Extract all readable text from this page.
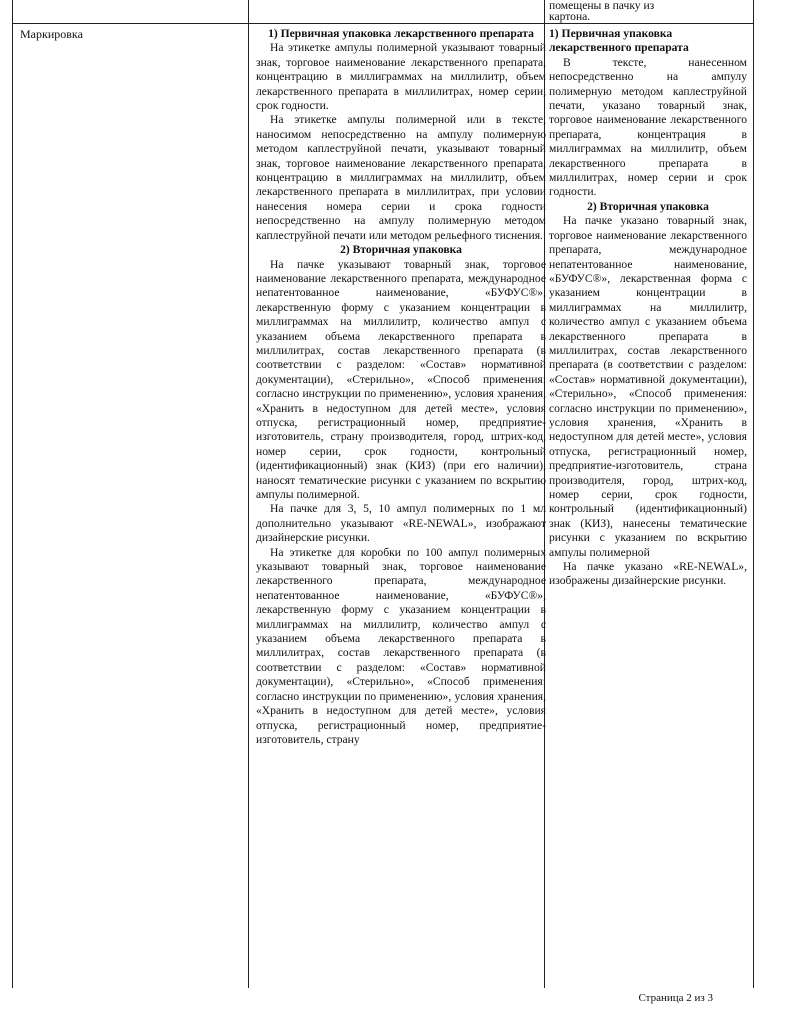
помещены в пачку из
картона.
Маркировка	1) Первичная упаковка лекарственного препарата

На этикетке ампулы полимерной указывают товарный знак, торговое наименование лекарственного препарата, концентрацию в миллиграммах на миллилитр, объем лекарственного препарата в миллилитрах, номер серии, срок годности.

На этикетке ампулы полимерной или в тексте, наносимом непосредственно на ампулу полимерную методом каплеструйной печати, указывают товарный знак, торговое наименование лекарственного препарата, концентрацию в миллиграммах на миллилитр, объем лекарственного препарата в миллилитрах, при условии нанесения номера серии и срока годности непосредственно на ампулу полимерную методом каплеструйной печати или методом рельефного тиснения.

2) Вторичная упаковка

На пачке указывают товарный знак, торговое наименование лекарственного препарата, международное непатентованное наименование, «БУФУС®», лекарственную форму с указанием концентрации в миллиграммах на миллилитр, количество ампул с указанием объема лекарственного препарата в миллилитрах, состав лекарственного препарата (в соответствии с разделом: «Состав» нормативной документации), «Стерильно», «Способ применения: согласно инструкции по применению», условия хранения, «Хранить в недоступном для детей месте», условия отпуска, регистрационный номер, предприятие-изготовитель, страну производителя, город, штрих-код, номер серии, срок годности, контрольный (идентификационный) знак (КИЗ) (при его наличии), наносят тематические рисунки с указанием по вскрытию ампулы полимерной.

На пачке для 3, 5, 10 ампул полимерных по 1 мл дополнительно указывают «RE-NEWAL», изображают дизайнерские рисунки.

На этикетке для коробки по 100 ампул полимерных указывают товарный знак, торговое наименование лекарственного препарата, международное непатентованное наименование, «БУФУС®», лекарственную форму с указанием концентрации в миллиграммах на миллилитр, количество ампул с указанием объема лекарственного препарата в миллилитрах, состав лекарственного препарата (в соответствии с разделом: «Состав» нормативной документации), «Стерильно», «Способ применения: согласно инструкции по применению», условия хранения, «Хранить в недоступном для детей месте», условия отпуска, регистрационный номер, предприятие-изготовитель, страну

1) Первичная упаковка лекарственного препарата

В тексте, нанесенном непосредственно на ампулу полимерную методом каплеструйной печати, указано товарный знак, торговое наименование лекарственного препарата, концентрация в миллиграммах на миллилитр, объем лекарственного препарата в миллилитрах, номер серии и срок годности.

2) Вторичная упаковка

На пачке указано товарный знак, торговое наименование лекарственного препарата, международное непатентованное наименование, «БУФУС®», лекарственная форма с указанием концентрации в миллиграммах на миллилитр, количество ампул с указанием объема лекарственного препарата в миллилитрах, состав лекарственного препарата (в соответствии с разделом: «Состав» нормативной документации), «Стерильно», «Способ применения: согласно инструкции по применению», условия хранения, «Хранить в недоступном для детей месте», условия отпуска, регистрационный номер, предприятие-изготовитель, страна производителя, город, штрих-код, номер серии, срок годности, контрольный (идентификационный) знак (КИЗ), нанесены тематические рисунки с указанием по вскрытию ампулы полимерной

На пачке указано «RE-NEWAL», изображены дизайнерские рисунки.

Страница 2 из 3
